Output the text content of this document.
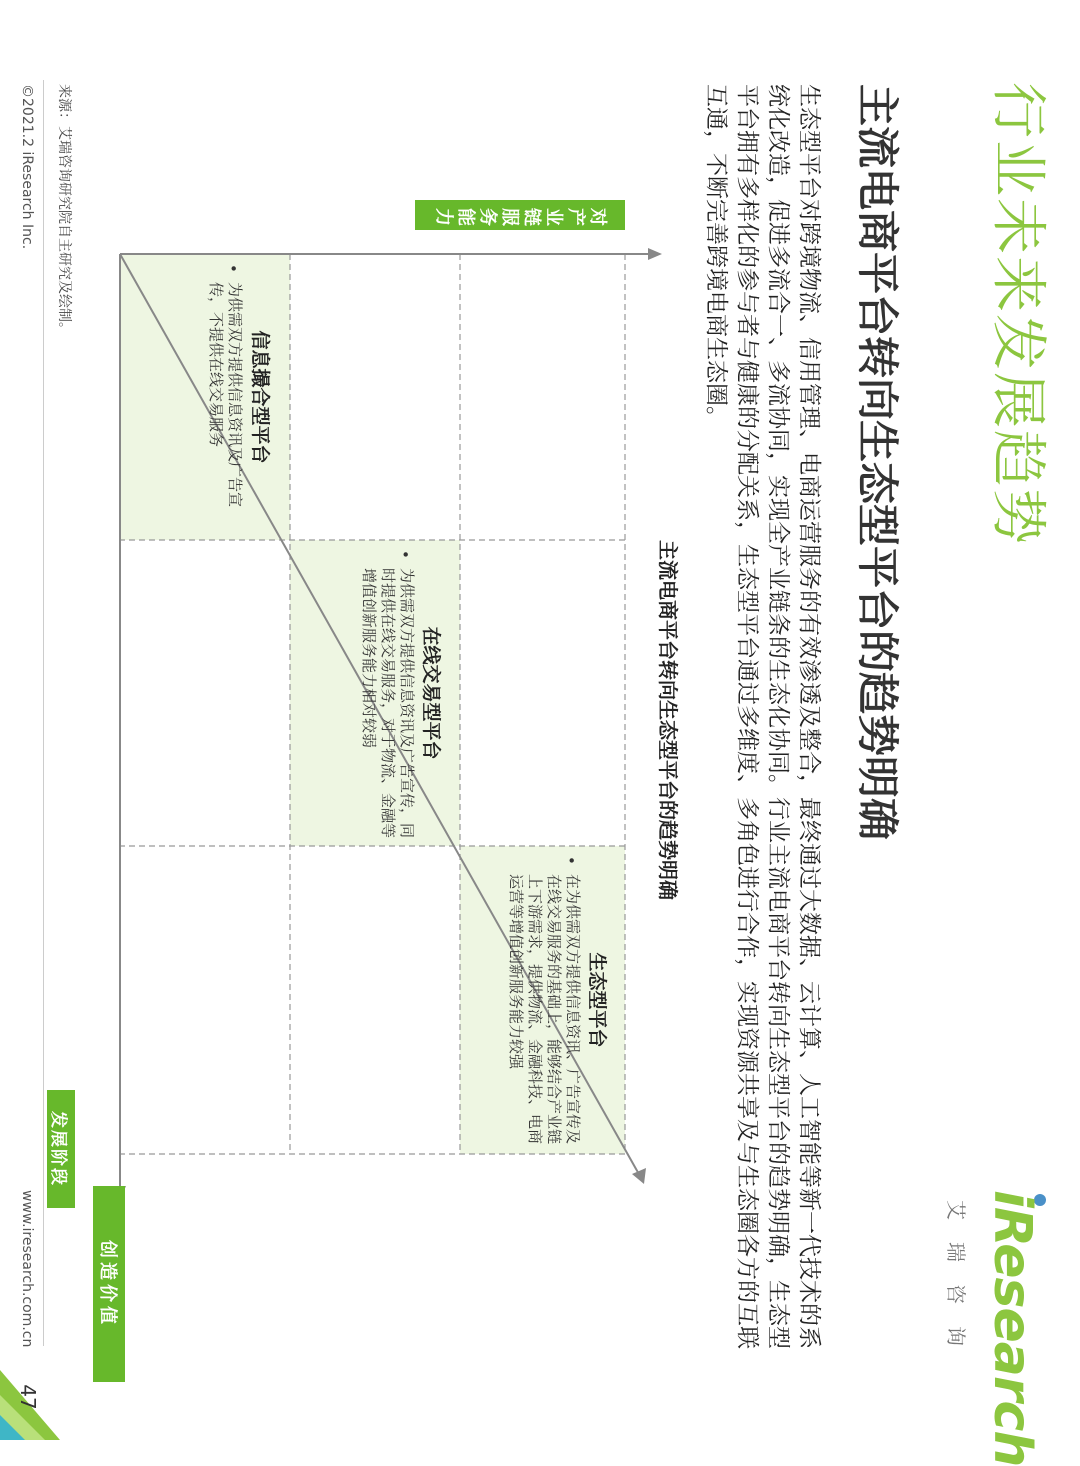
行业未来发展趋势
iResearch
艾瑞咨询
主流电商平台转向生态型平台的趋势明确
生态型平台对跨境物流、信用管理、电商运营服务的有效渗透及整合，最终通过大数据、云计算、人工智能等新一代技术的系统化改造，促进多流合一、多流协同，实现全产业链条的生态化协同。行业主流电商平台转向生态型平台的趋势明确，生态型平台拥有多样化的参与者与健康的分配关系，生态型平台通过多维度、多角色进行合作，实现资源共享及与生态圈各方的互联互通，不断完善跨境电商生态圈。
主流电商平台转向生态型平台的趋势明确
对产业链服务能力
生态型平台
•
在为供需双方提供信息资讯、广告宣传及在线交易服务的基础上，能够结合产业链上下游需求，提供物流、金融科技、电商运营等增值创新服务能力较强
在线交易型平台
•
为供需双方提供信息资讯及广告宣传，同时提供在线交易服务，对于物流、金融等增值创新服务能力相对较弱
信息撮合型平台
•
为供需双方提供信息资讯及广告宣传，不提供在线交易服务
创造价值
发展阶段
来源：艾瑞咨询研究院自主研究及绘制。
©2021.2 iResearch Inc.
www.iresearch.com.cn
47
